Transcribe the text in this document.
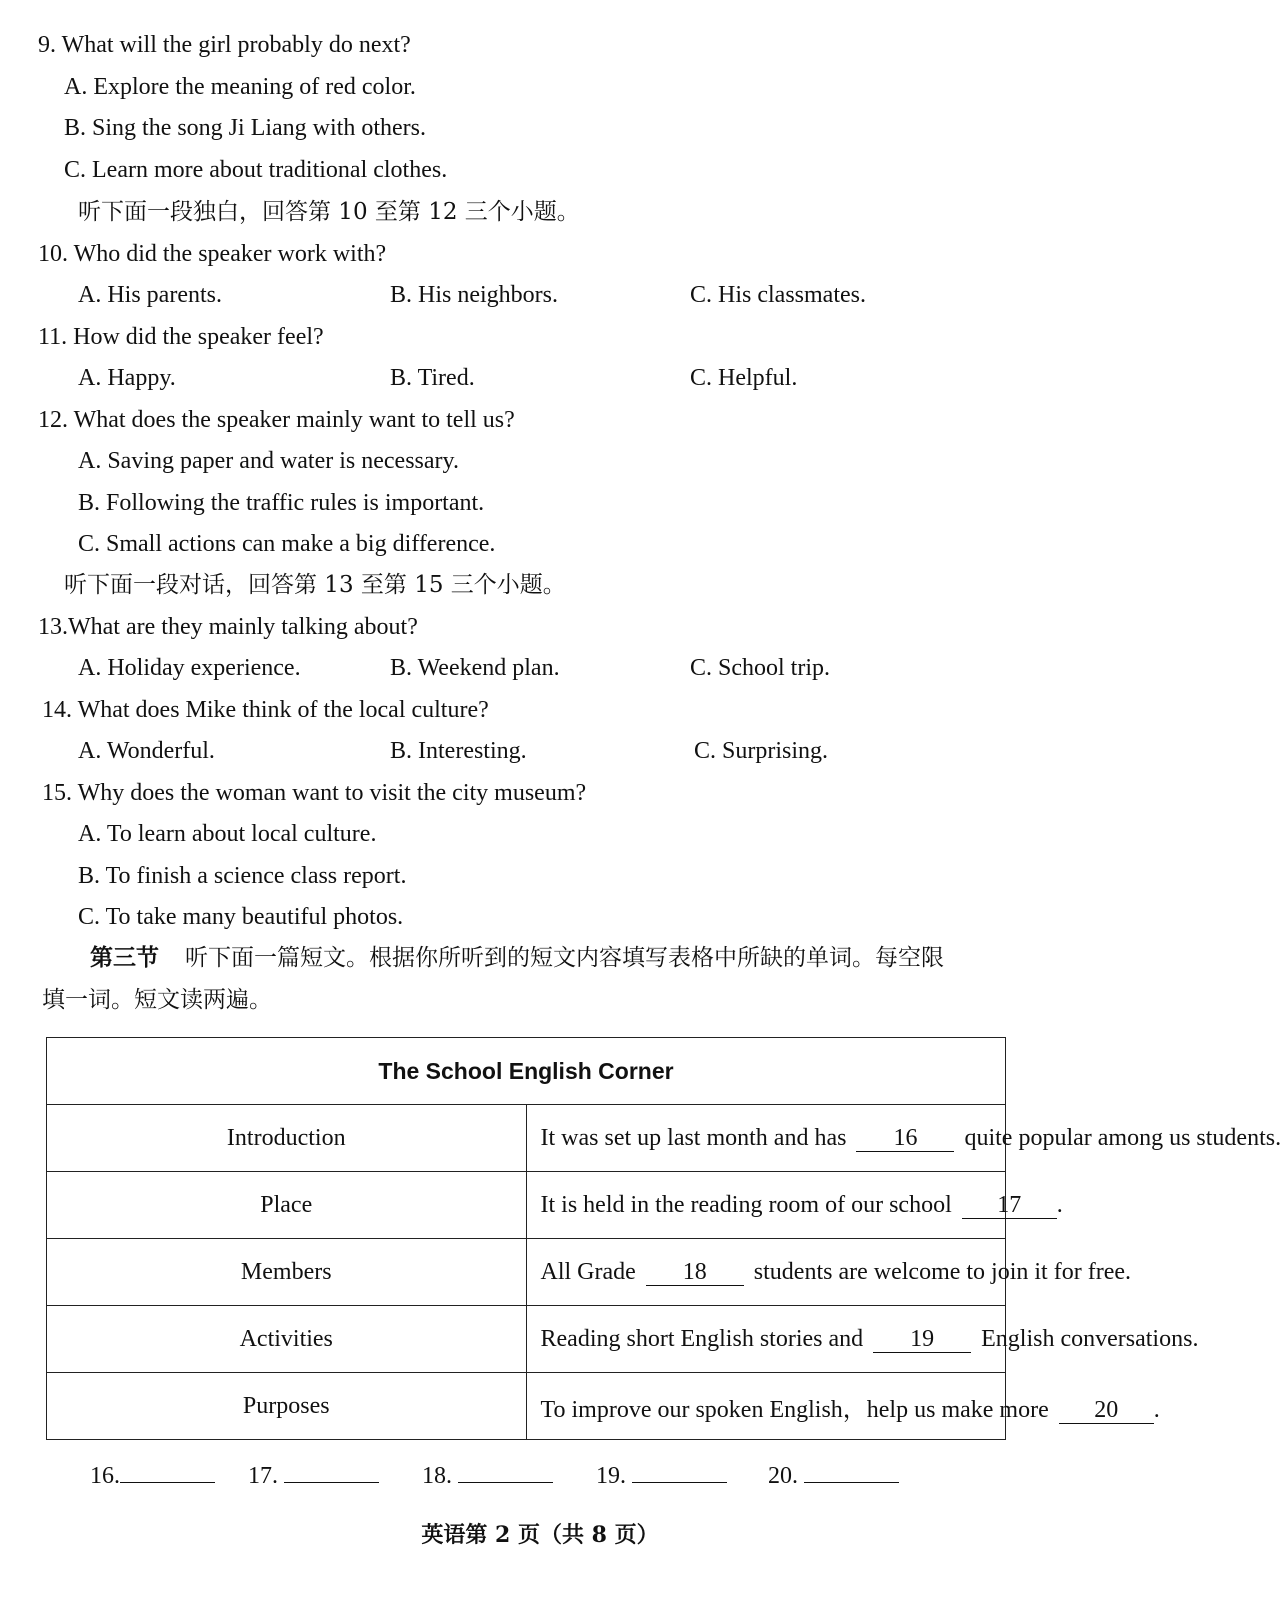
9. What will the girl probably do next?
A. Explore the meaning of red color.
B. Sing the song Ji Liang with others.
C. Learn more about traditional clothes.
听下面一段独白，回答第 10 至第 12 三个小题。
10. Who did the speaker work with?
A. His parents.	B. His neighbors.	C. His classmates.
11. How did the speaker feel?
A. Happy.	B. Tired.	C. Helpful.
12. What does the speaker mainly want to tell us?
A. Saving paper and water is necessary.
B. Following the traffic rules is important.
C. Small actions can make a big difference.
听下面一段对话，回答第 13 至第 15 三个小题。
13.What are they mainly talking about?
A. Holiday experience.	B. Weekend plan.	C. School trip.
14. What does Mike think of the local culture?
A. Wonderful.	B. Interesting.	C. Surprising.
15. Why does the woman want to visit the city museum?
A. To learn about local culture.
B. To finish a science class report.
C. To take many beautiful photos.
第三节 听下面一篇短文。根据你所听到的短文内容填写表格中所缺的单词。每空限
填一词。短文读两遍。
The School English Corner	
Introduction	It was set up last month and has 16 quite popular among us students.
Place	It is held in the reading room of our school 17 .
Members	All Grade 18 students are welcome to join it for free.
Activities	Reading short English stories and 19 English conversations.
Purposes	To improve our spoken English，help us make more 20 .
16.	17.	18.	19.	20.
英语第 2 页（共 8 页）
